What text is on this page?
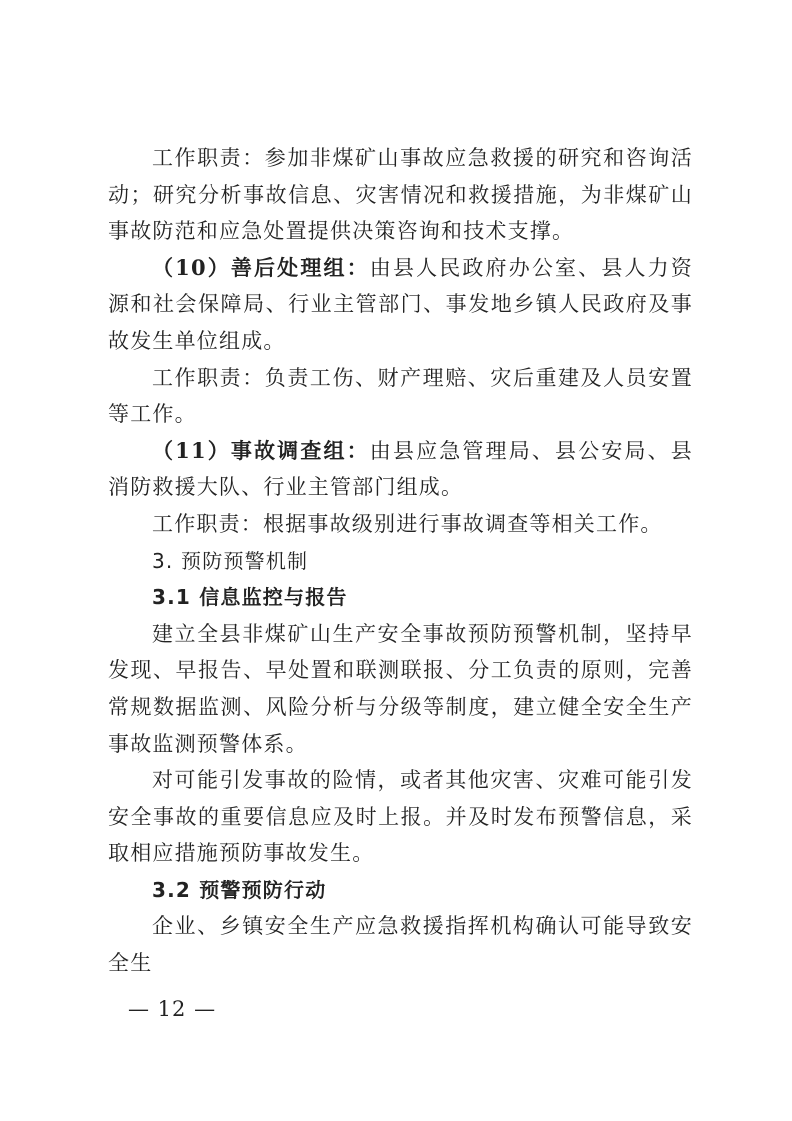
工作职责：参加非煤矿山事故应急救援的研究和咨询活动；研究分析事故信息、灾害情况和救援措施，为非煤矿山事故防范和应急处置提供决策咨询和技术支撑。

（10）善后处理组：由县人民政府办公室、县人力资源和社会保障局、行业主管部门、事发地乡镇人民政府及事故发生单位组成。

工作职责：负责工伤、财产理赔、灾后重建及人员安置等工作。

（11）事故调查组：由县应急管理局、县公安局、县消防救援大队、行业主管部门组成。

工作职责：根据事故级别进行事故调查等相关工作。

3. 预防预警机制

3.1 信息监控与报告

建立全县非煤矿山生产安全事故预防预警机制，坚持早发现、早报告、早处置和联测联报、分工负责的原则，完善常规数据监测、风险分析与分级等制度，建立健全安全生产事故监测预警体系。

对可能引发事故的险情，或者其他灾害、灾难可能引发安全事故的重要信息应及时上报。并及时发布预警信息，采取相应措施预防事故发生。

3.2 预警预防行动

企业、乡镇安全生产应急救援指挥机构确认可能导致安全生

— 12 —
